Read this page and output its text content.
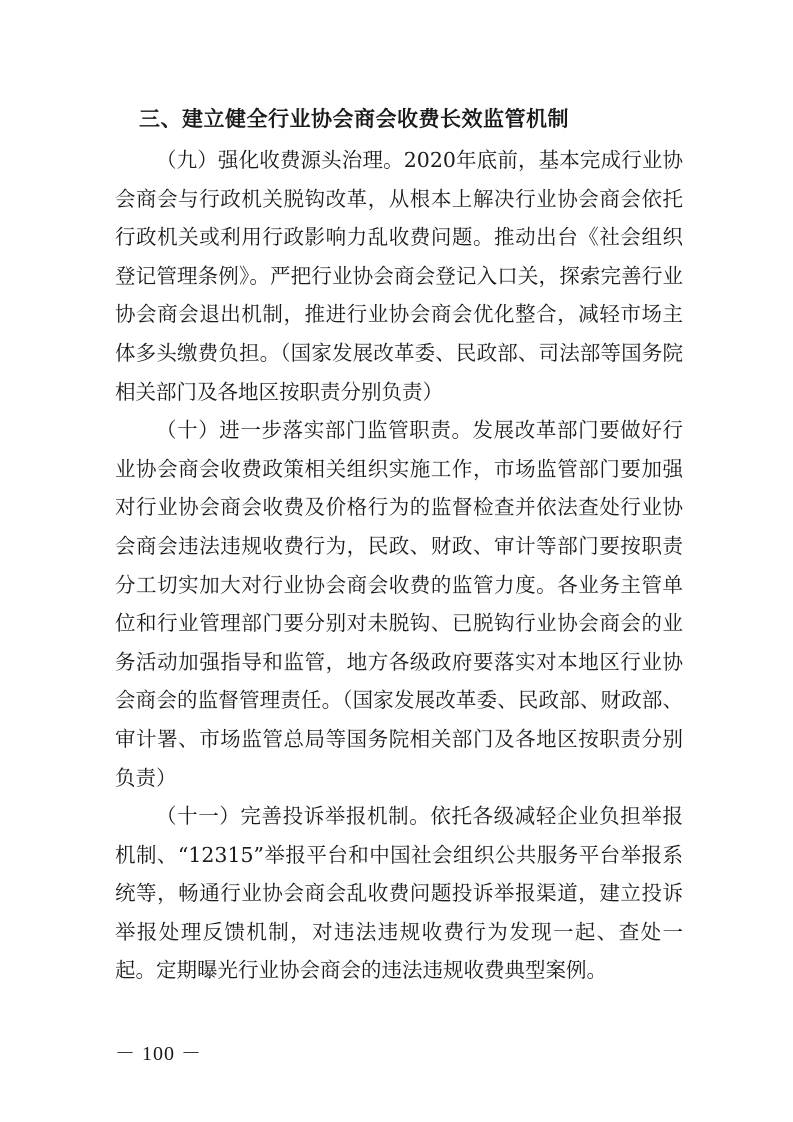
三、建立健全行业协会商会收费长效监管机制

（九）强化收费源头治理。2020年底前，基本完成行业协会商会与行政机关脱钩改革，从根本上解决行业协会商会依托行政机关或利用行政影响力乱收费问题。推动出台《社会组织登记管理条例》。严把行业协会商会登记入口关，探索完善行业协会商会退出机制，推进行业协会商会优化整合，减轻市场主体多头缴费负担。（国家发展改革委、民政部、司法部等国务院相关部门及各地区按职责分别负责）

（十）进一步落实部门监管职责。发展改革部门要做好行业协会商会收费政策相关组织实施工作，市场监管部门要加强对行业协会商会收费及价格行为的监督检查并依法查处行业协会商会违法违规收费行为，民政、财政、审计等部门要按职责分工切实加大对行业协会商会收费的监管力度。各业务主管单位和行业管理部门要分别对未脱钩、已脱钩行业协会商会的业务活动加强指导和监管，地方各级政府要落实对本地区行业协会商会的监督管理责任。（国家发展改革委、民政部、财政部、审计署、市场监管总局等国务院相关部门及各地区按职责分别负责）

（十一）完善投诉举报机制。依托各级减轻企业负担举报机制、“12315”举报平台和中国社会组织公共服务平台举报系统等，畅通行业协会商会乱收费问题投诉举报渠道，建立投诉举报处理反馈机制，对违法违规收费行为发现一起、查处一起。定期曝光行业协会商会的违法违规收费典型案例。

－ 100 －
